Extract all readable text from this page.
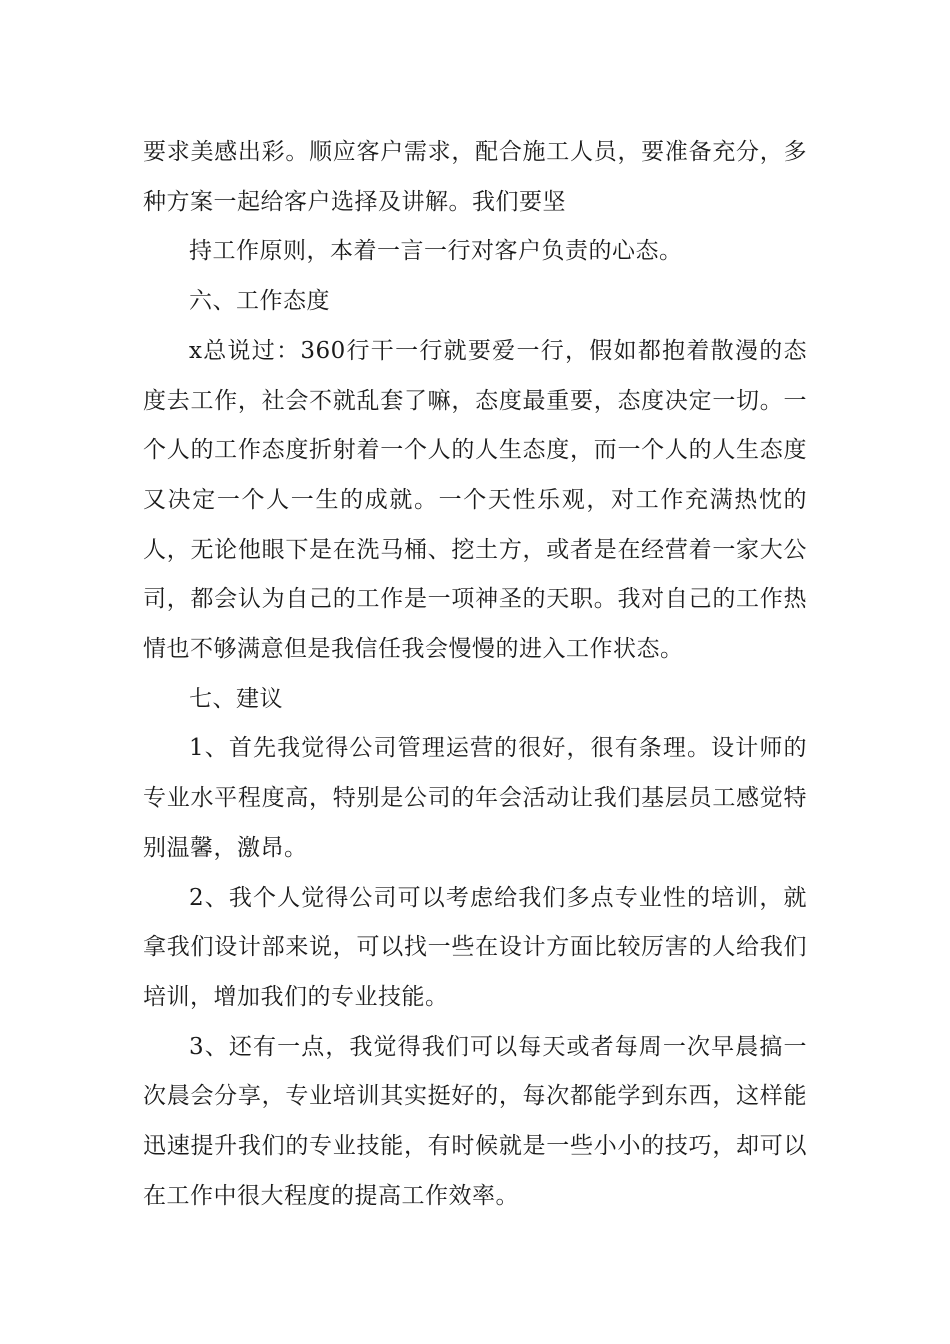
要求美感出彩。顺应客户需求，配合施工人员，要准备充分，多种方案一起给客户选择及讲解。我们要坚

持工作原则，本着一言一行对客户负责的心态。

六、工作态度

x总说过：360行干一行就要爱一行，假如都抱着散漫的态度去工作，社会不就乱套了嘛，态度最重要，态度决定一切。一个人的工作态度折射着一个人的人生态度，而一个人的人生态度又决定一个人一生的成就。一个天性乐观，对工作充满热忱的人，无论他眼下是在洗马桶、挖土方，或者是在经营着一家大公司，都会认为自己的工作是一项神圣的天职。我对自己的工作热情也不够满意但是我信任我会慢慢的进入工作状态。

七、建议

1、首先我觉得公司管理运营的很好，很有条理。设计师的专业水平程度高，特别是公司的年会活动让我们基层员工感觉特别温馨，激昂。

2、我个人觉得公司可以考虑给我们多点专业性的培训，就拿我们设计部来说，可以找一些在设计方面比较厉害的人给我们培训，增加我们的专业技能。

3、还有一点，我觉得我们可以每天或者每周一次早晨搞一次晨会分享，专业培训其实挺好的，每次都能学到东西，这样能迅速提升我们的专业技能，有时候就是一些小小的技巧，却可以在工作中很大程度的提高工作效率。
